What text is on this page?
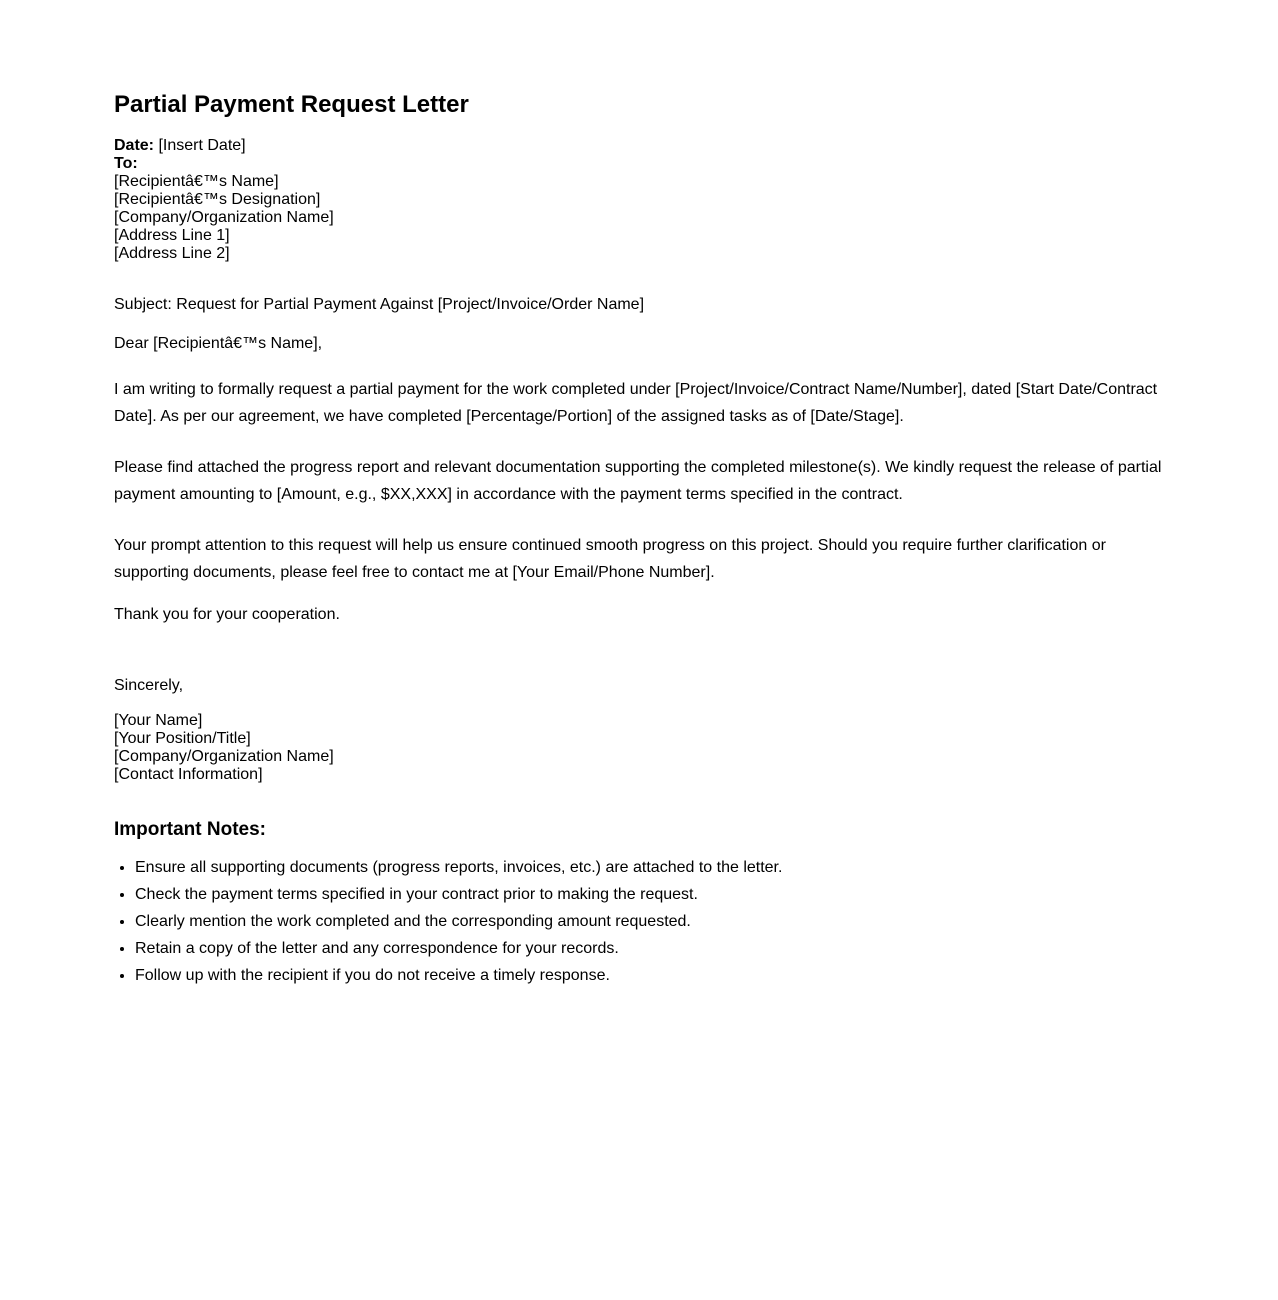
Partial Payment Request Letter
Date: [Insert Date]
To:
[Recipientâ€™s Name]
[Recipientâ€™s Designation]
[Company/Organization Name]
[Address Line 1]
[Address Line 2]
Subject: Request for Partial Payment Against [Project/Invoice/Order Name]
Dear [Recipientâ€™s Name],
I am writing to formally request a partial payment for the work completed under [Project/Invoice/Contract Name/Number], dated [Start Date/Contract Date]. As per our agreement, we have completed [Percentage/Portion] of the assigned tasks as of [Date/Stage].
Please find attached the progress report and relevant documentation supporting the completed milestone(s). We kindly request the release of partial payment amounting to [Amount, e.g., $XX,XXX] in accordance with the payment terms specified in the contract.
Your prompt attention to this request will help us ensure continued smooth progress on this project. Should you require further clarification or supporting documents, please feel free to contact me at [Your Email/Phone Number].
Thank you for your cooperation.
Sincerely,
[Your Name]
[Your Position/Title]
[Company/Organization Name]
[Contact Information]
Important Notes:
• Ensure all supporting documents (progress reports, invoices, etc.) are attached to the letter.
• Check the payment terms specified in your contract prior to making the request.
• Clearly mention the work completed and the corresponding amount requested.
• Retain a copy of the letter and any correspondence for your records.
• Follow up with the recipient if you do not receive a timely response.
